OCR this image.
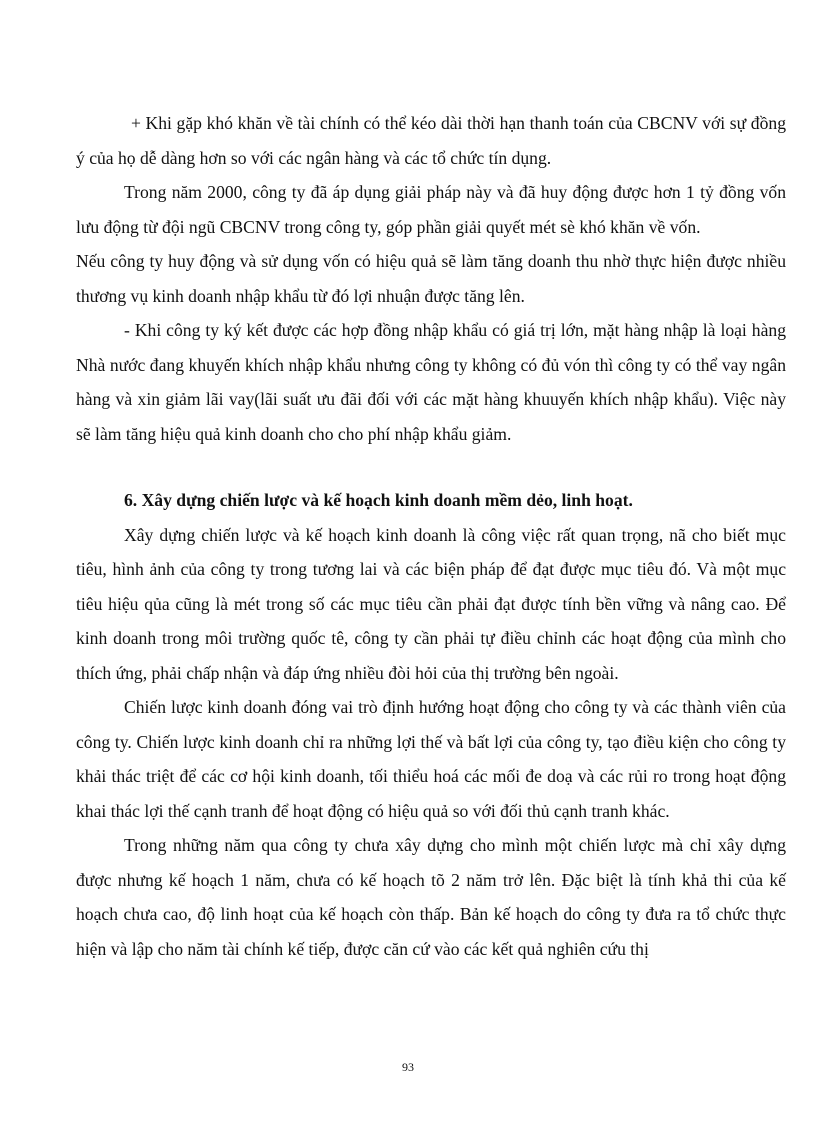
+ Khi gặp khó khăn về tài chính có thể kéo dài thời hạn thanh toán của CBCNV với sự đồng ý của họ dễ dàng hơn so với các ngân hàng và các tổ chức tín dụng.

Trong năm 2000, công ty đã áp dụng giải pháp này và đã huy động được hơn 1 tỷ đồng vốn lưu động từ đội ngũ CBCNV trong công ty, góp phần giải quyết mét sè khó khăn về vốn.

Nếu công ty huy động và sử dụng vốn có hiệu quả sẽ làm tăng doanh thu nhờ thực hiện được nhiều thương vụ kinh doanh nhập khẩu từ đó lợi nhuận được tăng lên.

- Khi công ty ký kết được các hợp đồng nhập khẩu có giá trị lớn, mặt hàng nhập là loại hàng Nhà nước đang khuyến khích nhập khẩu nhưng công ty không có đủ vón thì công ty có thể vay ngân hàng và xin giảm lãi vay(lãi suất ưu đãi đối với các mặt hàng khuuyến khích nhập khẩu). Việc này sẽ làm tăng hiệu quả kinh doanh cho cho phí nhập khẩu giảm.

6. Xây dựng chiến lược và kế hoạch kinh doanh mềm dẻo, linh hoạt.

Xây dựng chiến lược và kế hoạch kinh doanh là công việc rất quan trọng, nã cho biết mục tiêu, hình ảnh của công ty trong tương lai và các biện pháp để đạt được mục tiêu đó. Và một mục tiêu hiệu qủa cũng là mét trong số các mục tiêu cần phải đạt được tính bền vững và nâng cao. Để kinh doanh trong môi trường quốc tê, công ty cần phải tự điều chỉnh các hoạt động của mình cho thích ứng, phải chấp nhận và đáp ứng nhiều đòi hỏi của thị trường bên ngoài.

Chiến lược kinh doanh đóng vai trò định hướng hoạt động cho công ty và các thành viên của công ty. Chiến lược kinh doanh chỉ ra những lợi thế và bất lợi của công ty, tạo điều kiện cho công ty khải thác triệt để các cơ hội kinh doanh, tối thiểu hoá các mối đe doạ và các rủi ro trong hoạt động khai thác lợi thế cạnh tranh để hoạt động có hiệu quả so với đối thủ cạnh tranh khác.

Trong những năm qua công ty chưa xây dựng cho mình một chiến lược mà chỉ xây dựng được nhưng kế hoạch 1 năm, chưa có kế hoạch tõ 2 năm trở lên. Đặc biệt là tính khả thi của kế hoạch chưa cao, độ linh hoạt của kế hoạch còn thấp. Bản kế hoạch do công ty đưa ra tổ chức thực hiện và lập cho năm tài chính kế tiếp, được căn cứ vào các kết quả nghiên cứu thị

93
